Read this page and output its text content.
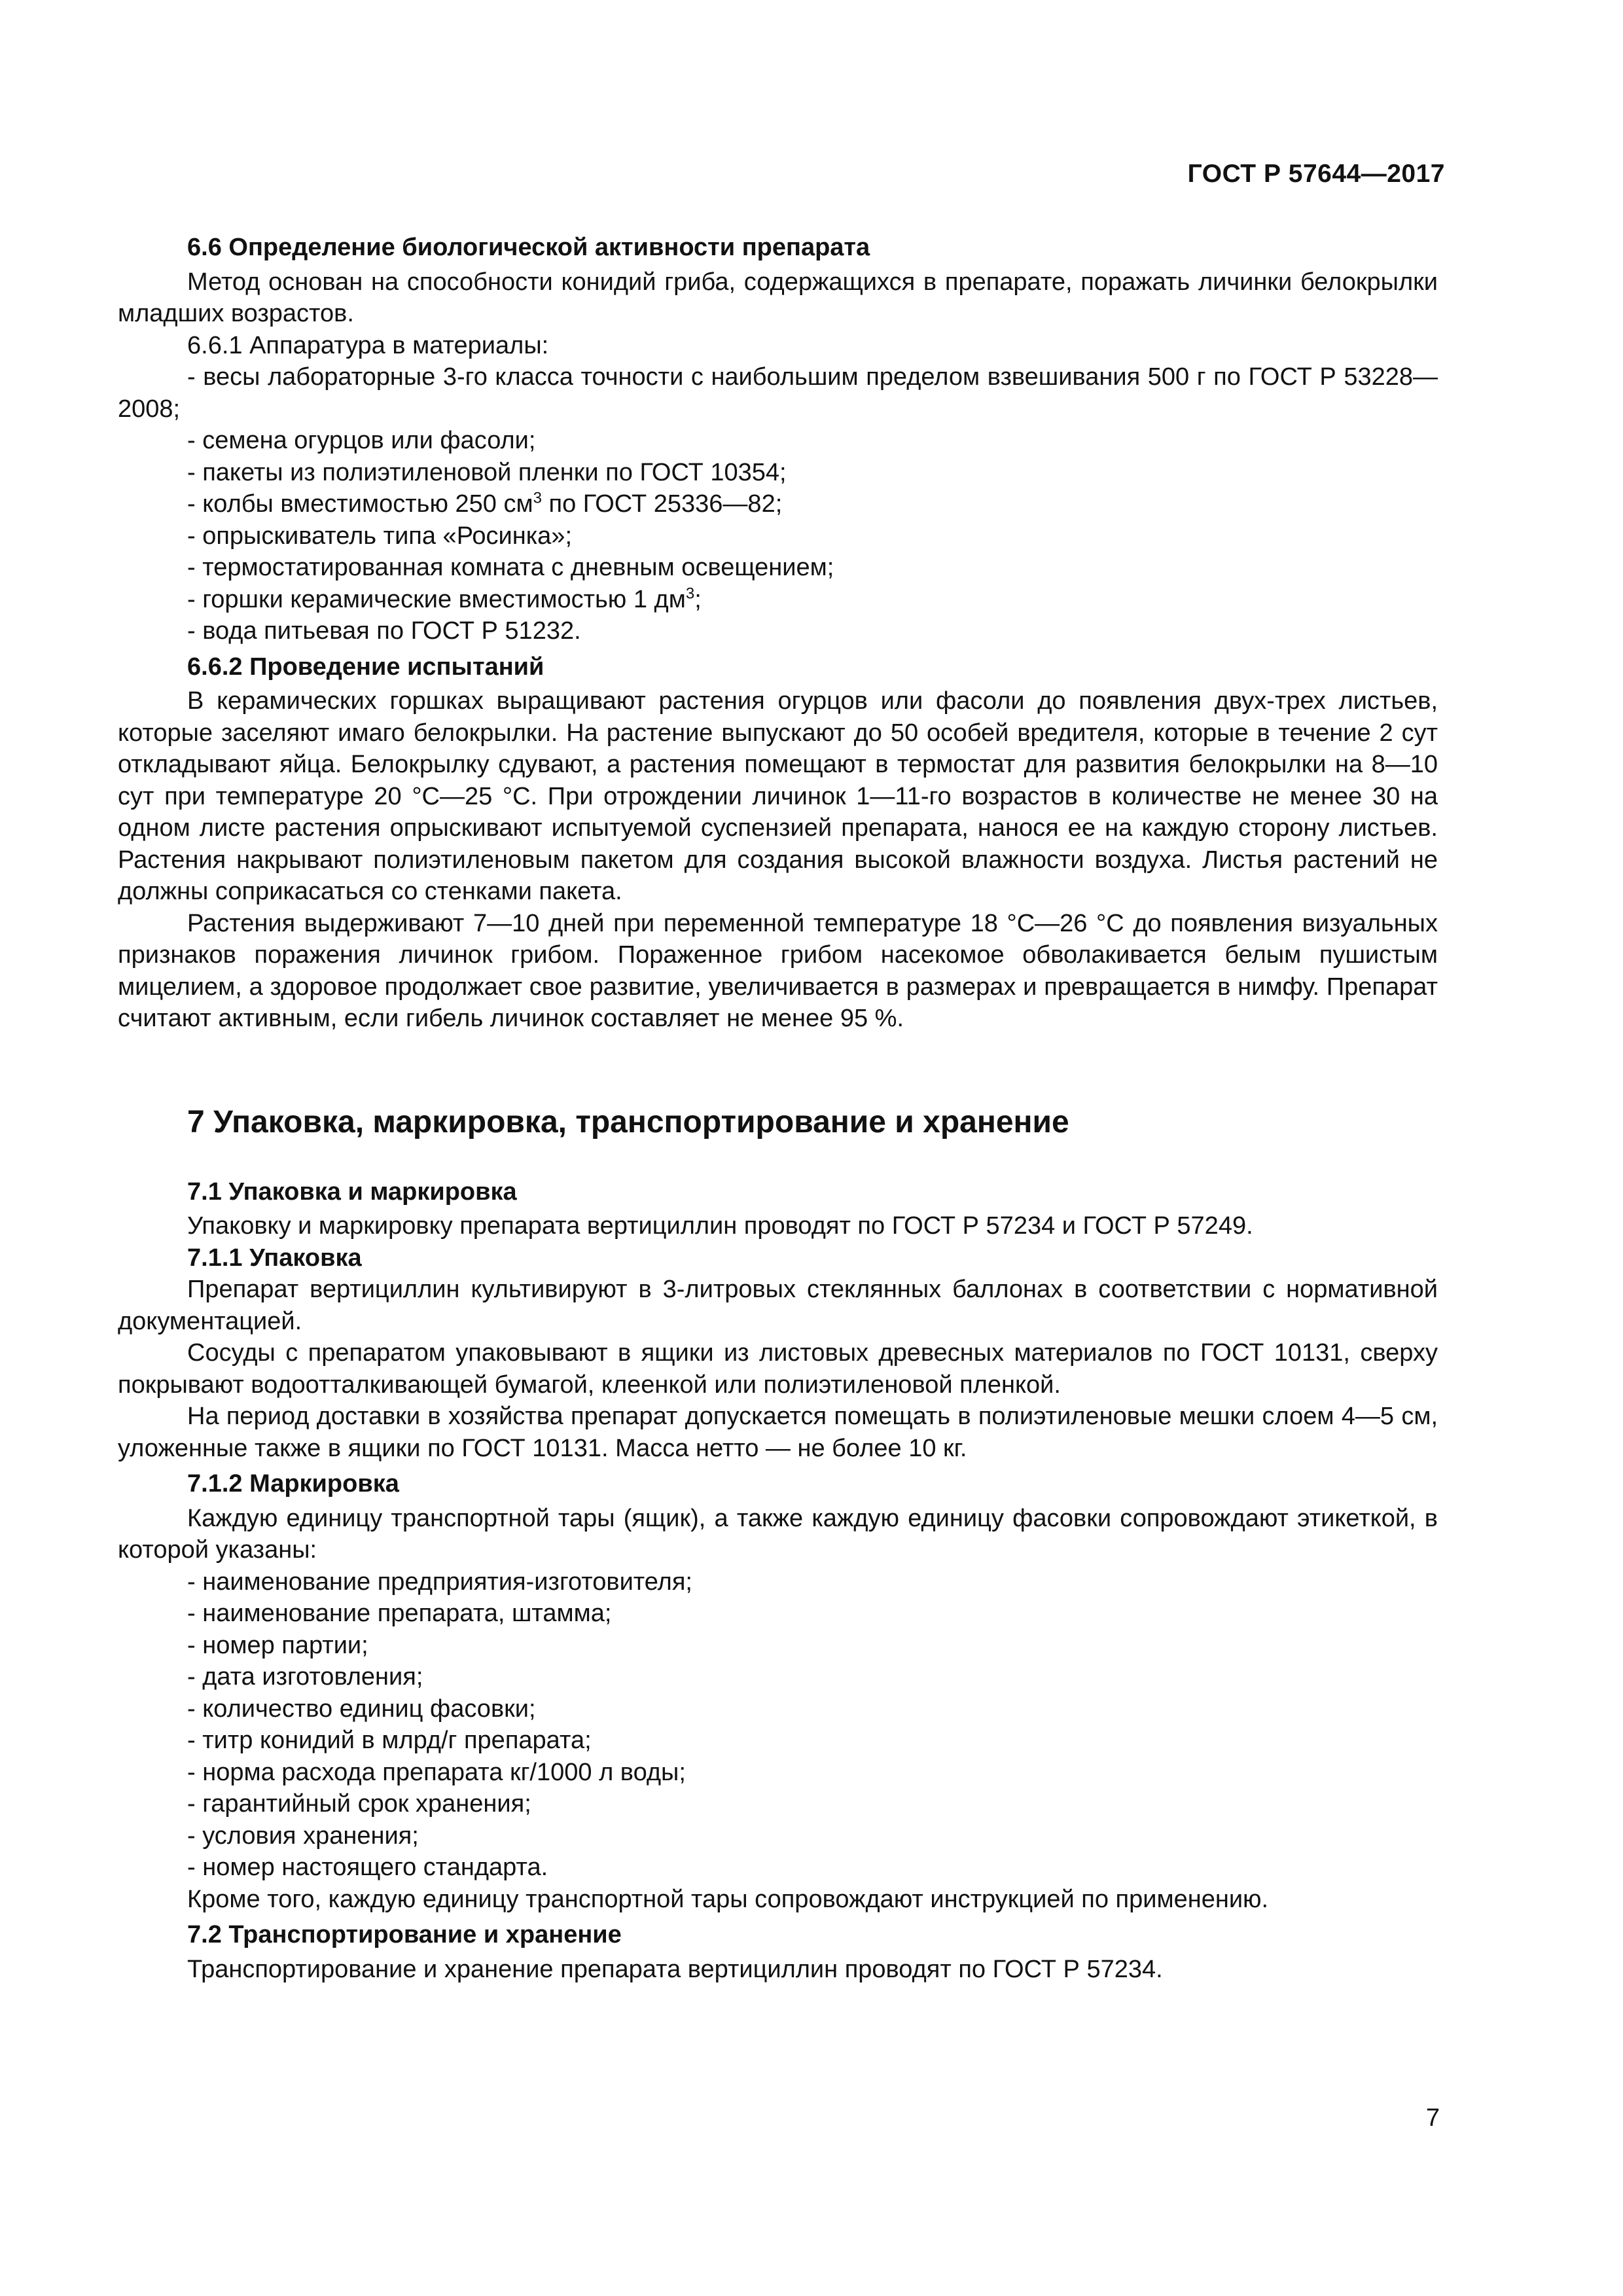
ГОСТ Р 57644—2017
6.6 Определение биологической активности препарата

Метод основан на способности конидий гриба, содержащихся в препарате, поражать личинки белокрылки младших возрастов.

6.6.1 Аппаратура в материалы:

- весы лабораторные 3-го класса точности с наибольшим пределом взвешивания 500 г по ГОСТ Р 53228—2008;

- семена огурцов или фасоли;
- пакеты из полиэтиленовой пленки по ГОСТ 10354;
- колбы вместимостью 250 $см^3$ по ГОСТ 25336—82;
- опрыскиватель типа «Росинка»;
- термостатированная комната с дневным освещением;
- горшки керамические вместимостью 1 $дм^3$;
- вода питьевая по ГОСТ Р 51232.
6.6.2 Проведение испытаний

В керамических горшках выращивают растения огурцов или фасоли до появления двух-трех листьев, которые заселяют имаго белокрылки. На растение выпускают до 50 особей вредителя, которые в течение 2 сут откладывают яйца. Белокрылку сдувают, а растения помещают в термостат для развития белокрылки на 8—10 сут при температуре 20 °С—25 °С. При отрождении личинок 1—11-го возрастов в количестве не менее 30 на одном листе растения опрыскивают испытуемой суспензией препарата, нанося ее на каждую сторону листьев. Растения накрывают полиэтиленовым пакетом для создания высокой влажности воздуха. Листья растений не должны соприкасаться со стенками пакета.

Растения выдерживают 7—10 дней при переменной температуре 18 °С—26 °С до появления визуальных признаков поражения личинок грибом. Пораженное грибом насекомое обволакивается белым пушистым мицелием, а здоровое продолжает свое развитие, увеличивается в размерах и превращается в нимфу. Препарат считают активным, если гибель личинок составляет не менее 95 %.

7 Упаковка, маркировка, транспортирование и хранение
7.1 Упаковка и маркировка

Упаковку и маркировку препарата вертициллин проводят по ГОСТ Р 57234 и ГОСТ Р 57249.

7.1.1 Упаковка

Препарат вертициллин культивируют в 3-литровых стеклянных баллонах в соответствии с нормативной документацией.

Сосуды с препаратом упаковывают в ящики из листовых древесных материалов по ГОСТ 10131, сверху покрывают водоотталкивающей бумагой, клеенкой или полиэтиленовой пленкой.

На период доставки в хозяйства препарат допускается помещать в полиэтиленовые мешки слоем 4—5 см, уложенные также в ящики по ГОСТ 10131. Масса нетто — не более 10 кг.

7.1.2 Маркировка

Каждую единицу транспортной тары (ящик), а также каждую единицу фасовки сопровождают этикеткой, в которой указаны:

- наименование предприятия-изготовителя;
- наименование препарата, штамма;
- номер партии;
- дата изготовления;
- количество единиц фасовки;
- титр конидий в млрд/г препарата;
- норма расхода препарата кг/1000 л воды;
- гарантийный срок хранения;
- условия хранения;
- номер настоящего стандарта.

Кроме того, каждую единицу транспортной тары сопровождают инструкцией по применению.

7.2 Транспортирование и хранение

Транспортирование и хранение препарата вертициллин проводят по ГОСТ Р 57234.

7
